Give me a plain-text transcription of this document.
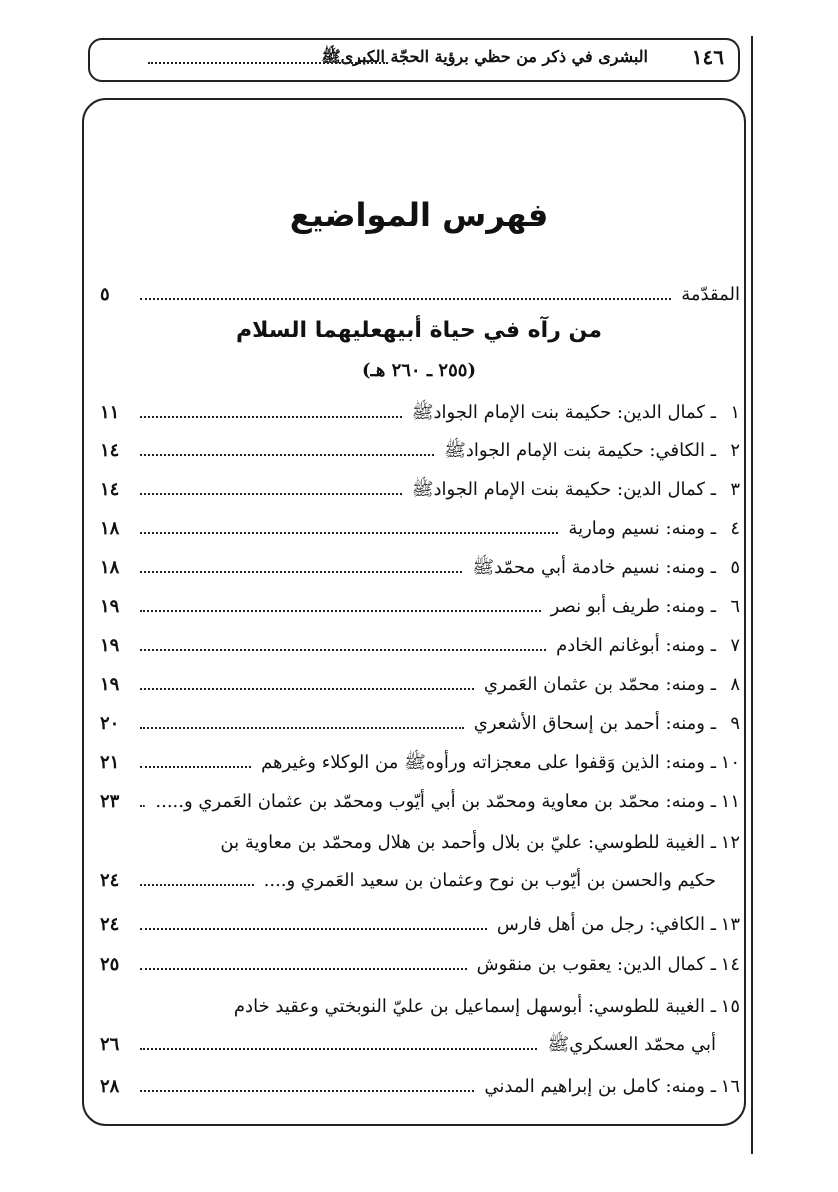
١٤٦
البشرى في ذكر من حظي برؤية الحجّة الكبرىﷺ
فهرس المواضيع
المقدّمة
٥
من رآه في حياة أبيهعليهما السلام
(٢٥٥ ـ ٢٦٠ هـ)
١
ـ كمال الدين: حكيمة بنت الإمام الجوادﷺ
١١
٢
ـ الكافي: حكيمة بنت الإمام الجوادﷺ
١٤
٣
ـ كمال الدين: حكيمة بنت الإمام الجوادﷺ
١٤
٤
ـ ومنه: نسيم ومارية
١٨
٥
ـ ومنه: نسيم خادمة أبي محمّدﷺ
١٨
٦
ـ ومنه: طريف أبو نصر
١٩
٧
ـ ومنه: أبوغانم الخادم
١٩
٨
ـ ومنه: محمّد بن عثمان العَمري
١٩
٩
ـ ومنه: أحمد بن إسحاق الأشعري
٢٠
١٠
ـ ومنه: الذين وَقفوا على معجزاته ورأوهﷺ من الوكلاء وغيرهم
٢١
١١
ـ ومنه: محمّد بن معاوية ومحمّد بن أبي أيّوب ومحمّد بن عثمان العَمري و.....
٢٣
١٢
ـ الغيبة للطوسي: عليّ بن بلال وأحمد بن هلال ومحمّد بن معاوية بن
حكيم والحسن بن أيّوب بن نوح وعثمان بن سعيد العَمري و....
٢٤
١٣
ـ الكافي: رجل من أهل فارس
٢٤
١٤
ـ كمال الدين: يعقوب بن منقوش
٢٥
١٥
ـ الغيبة للطوسي: أبوسهل إسماعيل بن عليّ النوبختي وعقيد خادم
أبي محمّد العسكريﷺ
٢٦
١٦
ـ ومنه: كامل بن إبراهيم المدني
٢٨
